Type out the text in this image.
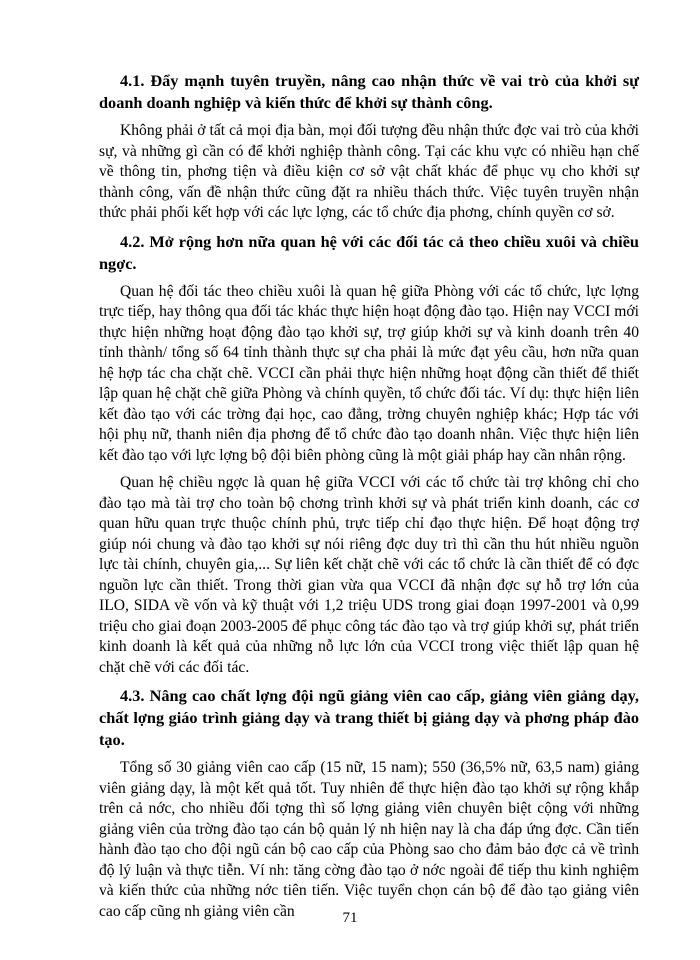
4.1. Đẩy mạnh tuyên truyền, nâng cao nhận thức về vai trò của khởi sự doanh doanh nghiệp và kiến thức để khởi sự thành công.

Không phải ở tất cả mọi địa bàn, mọi đối tượng đều nhận thức đợc vai trò của khởi sự, và những gì cần có để khởi nghiệp thành công. Tại các khu vực có nhiều hạn chế về thông tin, phơng tiện và điều kiện cơ sở vật chất khác để phục vụ cho khởi sự thành công, vấn đề nhận thức cũng đặt ra nhiều thách thức. Việc tuyên truyền nhận thức phải phối kết hợp với các lực lợng, các tổ chức địa phơng, chính quyền cơ sở.

4.2. Mở rộng hơn nữa quan hệ với các đối tác cả theo chiều xuôi và chiều ngợc.

Quan hệ đối tác theo chiều xuôi là quan hệ giữa Phòng với các tổ chức, lực lợng trực tiếp, hay thông qua đối tác khác thực hiện hoạt động đào tạo. Hiện nay VCCI mới thực hiện những hoạt động đào tạo khởi sự, trợ giúp khởi sự và kinh doanh trên 40 tỉnh thành/ tổng số 64 tỉnh thành thực sự cha phải là mức đạt yêu cầu, hơn nữa quan hệ hợp tác cha chặt chẽ. VCCI cần phải thực hiện những hoạt động cần thiết để thiết lập quan hệ chặt chẽ giữa Phòng và chính quyền, tổ chức đối tác. Ví dụ: thực hiện liên kết đào tạo với các trờng đại học, cao đẳng, trờng chuyên nghiệp khác; Hợp tác với hội phụ nữ, thanh niên địa phơng để tổ chức đào tạo doanh nhân. Việc thực hiện liên kết đào tạo với lực lợng bộ đội biên phòng cũng là một giải pháp hay cần nhân rộng.

Quan hệ chiều ngợc là quan hệ giữa VCCI với các tổ chức tài trợ không chỉ cho đào tạo mà tài trợ cho toàn bộ chơng trình khởi sự và phát triển kinh doanh, các cơ quan hữu quan trực thuộc chính phủ, trực tiếp chỉ đạo thực hiện. Để hoạt động trợ giúp nói chung và đào tạo khởi sự nói riêng đợc duy trì thì cần thu hút nhiều nguồn lực tài chính, chuyên gia,... Sự liên kết chặt chẽ với các tổ chức là cần thiết để có đợc nguồn lực cần thiết. Trong thời gian vừa qua VCCI đã nhận đợc sự hỗ trợ lớn của ILO, SIDA về vốn và kỹ thuật với 1,2 triệu UDS trong giai đoạn 1997-2001 và 0,99 triệu cho giai đoạn 2003-2005 để phục công tác đào tạo và trợ giúp khởi sự, phát triển kinh doanh là kết quả của những nỗ lực lớn của VCCI trong việc thiết lập quan hệ chặt chẽ với các đối tác.

4.3. Nâng cao chất lợng đội ngũ giảng viên cao cấp, giảng viên giảng dạy, chất lợng giáo trình giảng dạy và trang thiết bị giảng dạy và phơng pháp đào tạo.

Tổng số 30 giảng viên cao cấp (15 nữ, 15 nam); 550 (36,5% nữ, 63,5 nam) giảng viên giảng dạy, là một kết quả tốt. Tuy nhiên để thực hiện đào tạo khởi sự rộng khắp trên cả nớc, cho nhiều đối tợng thì số lợng giảng viên chuyên biệt cộng với những giảng viên của trờng đào tạo cán bộ quản lý nh hiện nay là cha đáp ứng đợc. Cần tiến hành đào tạo cho đội ngũ cán bộ cao cấp của Phòng sao cho đảm bảo đợc cả về trình độ lý luận và thực tiễn. Ví nh: tăng cờng đào tạo ở nớc ngoài để tiếp thu kinh nghiệm và kiến thức của những nớc tiên tiến. Việc tuyển chọn cán bộ để đào tạo giảng viên cao cấp cũng nh giảng viên cần	71
